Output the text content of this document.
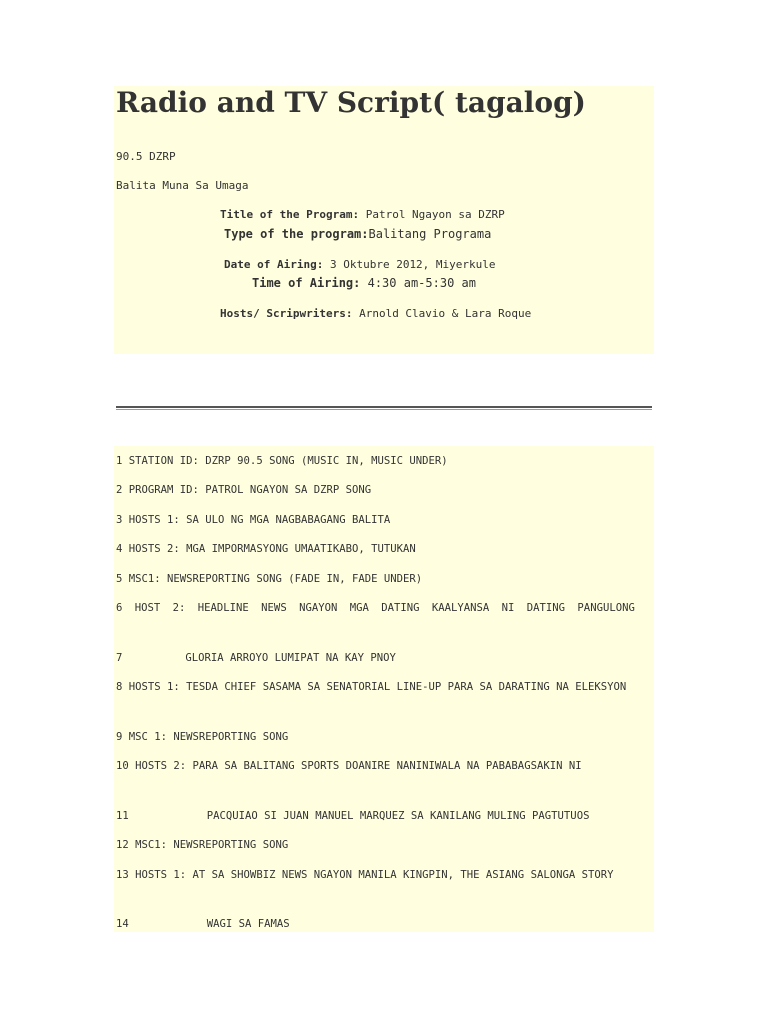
Radio and TV Script( tagalog)
90.5 DZRP
Balita Muna Sa Umaga
Title of the Program: Patrol Ngayon sa DZRP
Type of the program:Balitang Programa
Date of Airing: 3 Oktubre 2012, Miyerkule
Time of Airing: 4:30 am-5:30 am
Hosts/ Scripwriters: Arnold Clavio & Lara Roque
1 STATION ID: DZRP 90.5 SONG (MUSIC IN, MUSIC UNDER)
2 PROGRAM ID: PATROL NGAYON SA DZRP SONG
3 HOSTS 1: SA ULO NG MGA NAGBABAGANG BALITA
4 HOSTS 2: MGA IMPORMASYONG UMAATIKABO, TUTUKAN
5 MSC1: NEWSREPORTING SONG (FADE IN, FADE UNDER)
6 HOST 2: HEADLINE NEWS NGAYON MGA DATING KAALYANSA NI DATING PANGULONG
7	GLORIA ARROYO LUMIPAT NA KAY PNOY
8 HOSTS 1: TESDA CHIEF SASAMA SA SENATORIAL LINE-UP PARA SA DARATING NA ELEKSYON
9 MSC 1: NEWSREPORTING SONG
10 HOSTS 2: PARA SA BALITANG SPORTS DOANIRE NANINIWALA NA PABABAGSAKIN NI
11	PACQUIAO SI JUAN MANUEL MARQUEZ SA KANILANG MULING PAGTUTUOS
12 MSC1: NEWSREPORTING SONG
13 HOSTS 1: AT SA SHOWBIZ NEWS NGAYON MANILA KINGPIN, THE ASIANG SALONGA STORY
14	WAGI SA FAMAS
